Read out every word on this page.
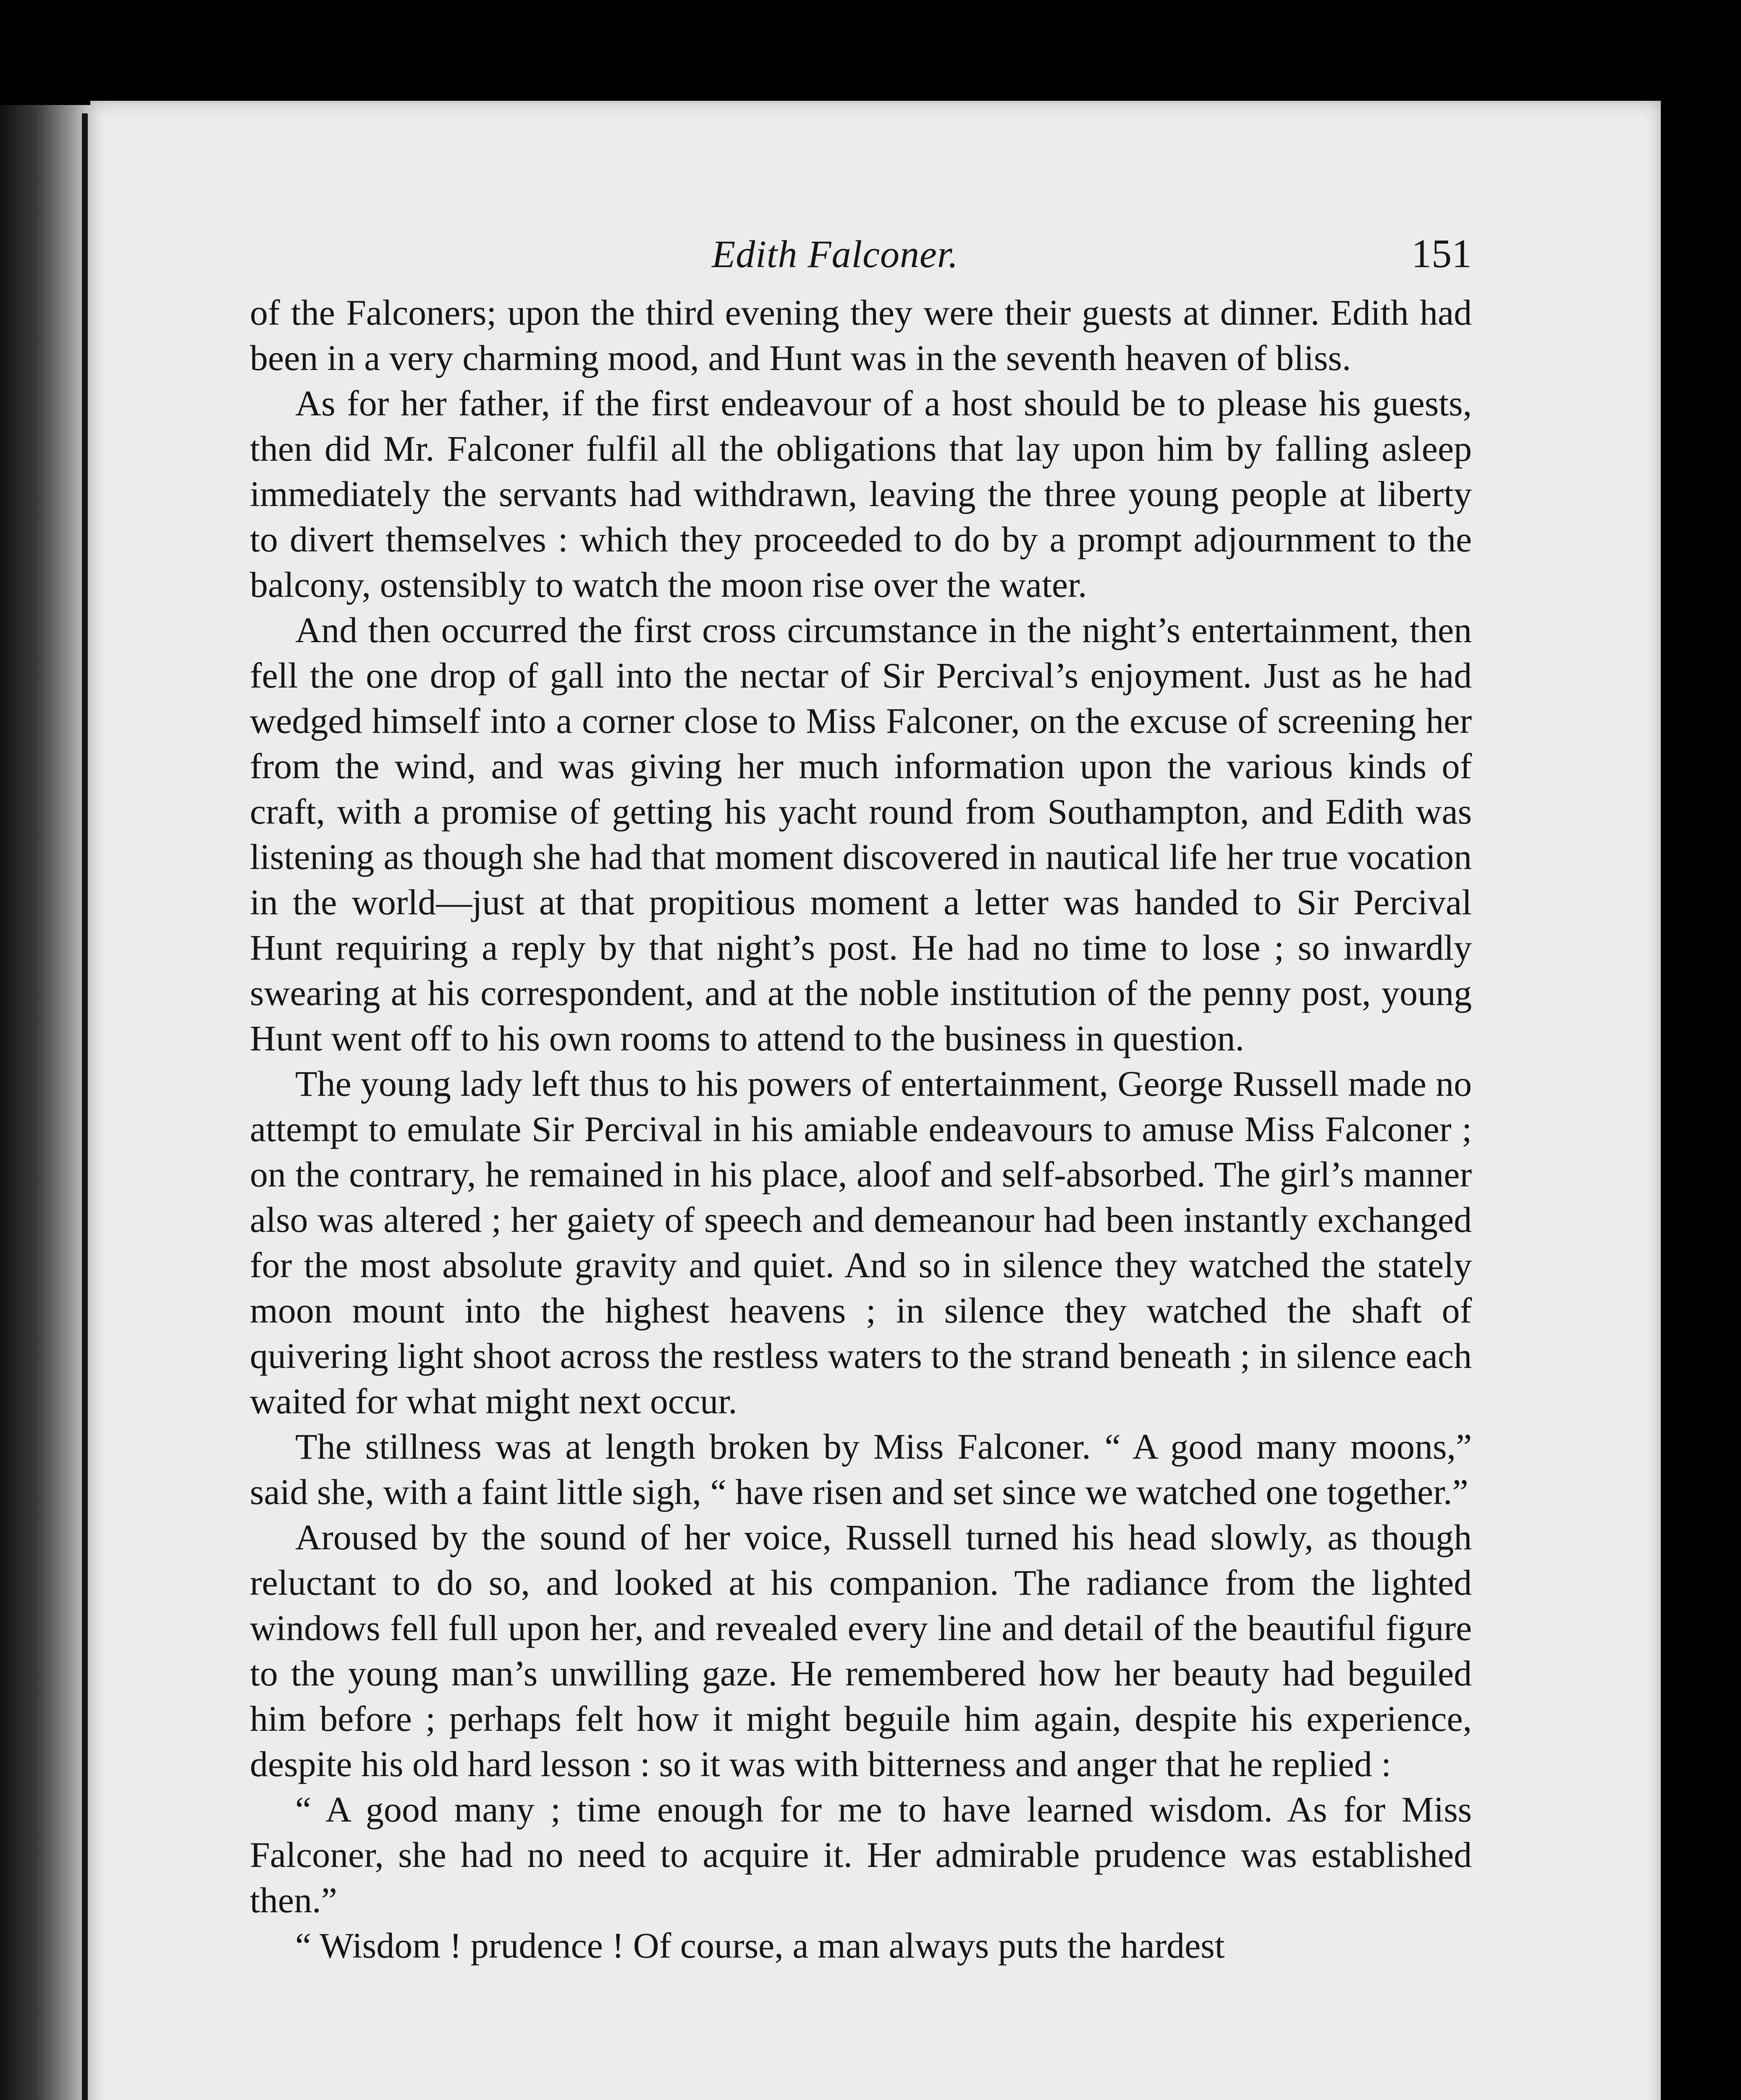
Edith Falconer.	151

of the Falconers; upon the third evening they were their guests at dinner. Edith had been in a very charming mood, and Hunt was in the seventh heaven of bliss.

As for her father, if the first endeavour of a host should be to please his guests, then did Mr. Falconer fulfil all the obligations that lay upon him by falling asleep immediately the servants had withdrawn, leaving the three young people at liberty to divert themselves : which they proceeded to do by a prompt adjournment to the balcony, ostensibly to watch the moon rise over the water.

And then occurred the first cross circumstance in the night’s entertainment, then fell the one drop of gall into the nectar of Sir Percival’s enjoyment. Just as he had wedged himself into a corner close to Miss Falconer, on the excuse of screening her from the wind, and was giving her much information upon the various kinds of craft, with a promise of getting his yacht round from Southampton, and Edith was listening as though she had that moment discovered in nautical life her true vocation in the world—just at that propitious moment a letter was handed to Sir Percival Hunt requiring a reply by that night’s post. He had no time to lose ; so inwardly swearing at his correspondent, and at the noble institution of the penny post, young Hunt went off to his own rooms to attend to the business in question.

The young lady left thus to his powers of entertainment, George Russell made no attempt to emulate Sir Percival in his amiable endeavours to amuse Miss Falconer ; on the contrary, he remained in his place, aloof and self-absorbed. The girl’s manner also was altered ; her gaiety of speech and demeanour had been instantly exchanged for the most absolute gravity and quiet. And so in silence they watched the stately moon mount into the highest heavens ; in silence they watched the shaft of quivering light shoot across the restless waters to the strand beneath ; in silence each waited for what might next occur.

The stillness was at length broken by Miss Falconer. “ A good many moons,” said she, with a faint little sigh, “ have risen and set since we watched one together.”

Aroused by the sound of her voice, Russell turned his head slowly, as though reluctant to do so, and looked at his companion. The radiance from the lighted windows fell full upon her, and revealed every line and detail of the beautiful figure to the young man’s unwilling gaze. He remembered how her beauty had beguiled him before ; perhaps felt how it might beguile him again, despite his experience, despite his old hard lesson : so it was with bitterness and anger that he replied :

“ A good many ; time enough for me to have learned wisdom. As for Miss Falconer, she had no need to acquire it. Her admirable prudence was established then.”

“ Wisdom ! prudence ! Of course, a man always puts the hardest
